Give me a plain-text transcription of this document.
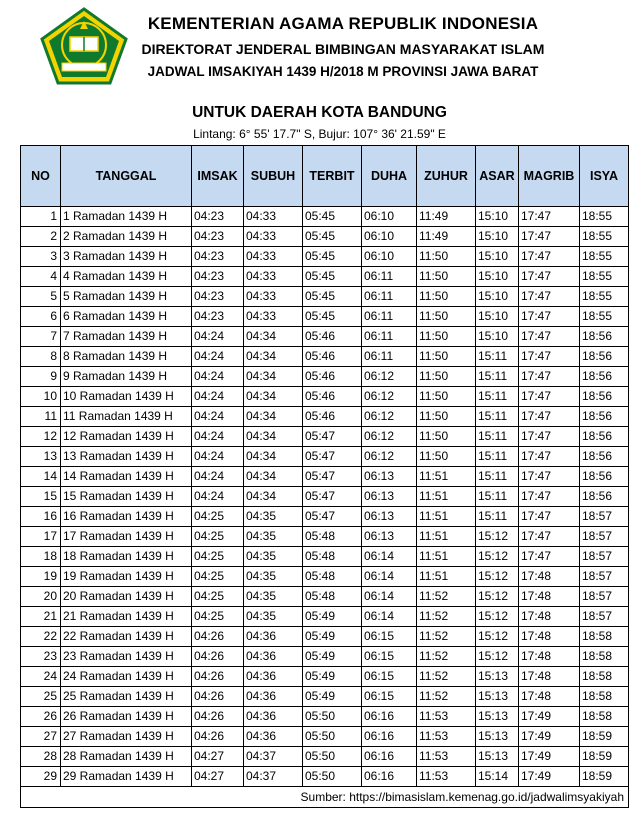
KEMENTERIAN AGAMA REPUBLIK INDONESIA
DIREKTORAT JENDERAL BIMBINGAN MASYARAKAT ISLAM
JADWAL IMSAKIYAH 1439 H/2018 M PROVINSI JAWA BARAT
UNTUK DAERAH KOTA BANDUNG
Lintang: 6° 55' 17.7" S, Bujur: 107° 36' 21.59" E
NO	TANGGAL	IMSAK	SUBUH	TERBIT	DUHA	ZUHUR	ASAR	MAGRIB	ISYA
1	1 Ramadan 1439 H	04:23	04:33	05:45	06:10	11:49	15:10	17:47	18:55
2	2 Ramadan 1439 H	04:23	04:33	05:45	06:10	11:49	15:10	17:47	18:55
3	3 Ramadan 1439 H	04:23	04:33	05:45	06:10	11:50	15:10	17:47	18:55
4	4 Ramadan 1439 H	04:23	04:33	05:45	06:11	11:50	15:10	17:47	18:55
5	5 Ramadan 1439 H	04:23	04:33	05:45	06:11	11:50	15:10	17:47	18:55
6	6 Ramadan 1439 H	04:23	04:33	05:45	06:11	11:50	15:10	17:47	18:55
7	7 Ramadan 1439 H	04:24	04:34	05:46	06:11	11:50	15:10	17:47	18:56
8	8 Ramadan 1439 H	04:24	04:34	05:46	06:11	11:50	15:11	17:47	18:56
9	9 Ramadan 1439 H	04:24	04:34	05:46	06:12	11:50	15:11	17:47	18:56
10	10 Ramadan 1439 H	04:24	04:34	05:46	06:12	11:50	15:11	17:47	18:56
11	11 Ramadan 1439 H	04:24	04:34	05:46	06:12	11:50	15:11	17:47	18:56
12	12 Ramadan 1439 H	04:24	04:34	05:47	06:12	11:50	15:11	17:47	18:56
13	13 Ramadan 1439 H	04:24	04:34	05:47	06:12	11:50	15:11	17:47	18:56
14	14 Ramadan 1439 H	04:24	04:34	05:47	06:13	11:51	15:11	17:47	18:56
15	15 Ramadan 1439 H	04:24	04:34	05:47	06:13	11:51	15:11	17:47	18:56
16	16 Ramadan 1439 H	04:25	04:35	05:47	06:13	11:51	15:11	17:47	18:57
17	17 Ramadan 1439 H	04:25	04:35	05:48	06:13	11:51	15:12	17:47	18:57
18	18 Ramadan 1439 H	04:25	04:35	05:48	06:14	11:51	15:12	17:47	18:57
19	19 Ramadan 1439 H	04:25	04:35	05:48	06:14	11:51	15:12	17:48	18:57
20	20 Ramadan 1439 H	04:25	04:35	05:48	06:14	11:52	15:12	17:48	18:57
21	21 Ramadan 1439 H	04:25	04:35	05:49	06:14	11:52	15:12	17:48	18:57
22	22 Ramadan 1439 H	04:26	04:36	05:49	06:15	11:52	15:12	17:48	18:58
23	23 Ramadan 1439 H	04:26	04:36	05:49	06:15	11:52	15:12	17:48	18:58
24	24 Ramadan 1439 H	04:26	04:36	05:49	06:15	11:52	15:13	17:48	18:58
25	25 Ramadan 1439 H	04:26	04:36	05:49	06:15	11:52	15:13	17:48	18:58
26	26 Ramadan 1439 H	04:26	04:36	05:50	06:16	11:53	15:13	17:49	18:58
27	27 Ramadan 1439 H	04:26	04:36	05:50	06:16	11:53	15:13	17:49	18:59
28	28 Ramadan 1439 H	04:27	04:37	05:50	06:16	11:53	15:13	17:49	18:59
29	29 Ramadan 1439 H	04:27	04:37	05:50	06:16	11:53	15:14	17:49	18:59
Sumber: https://bimasislam.kemenag.go.id/jadwalimsyakiyah									
